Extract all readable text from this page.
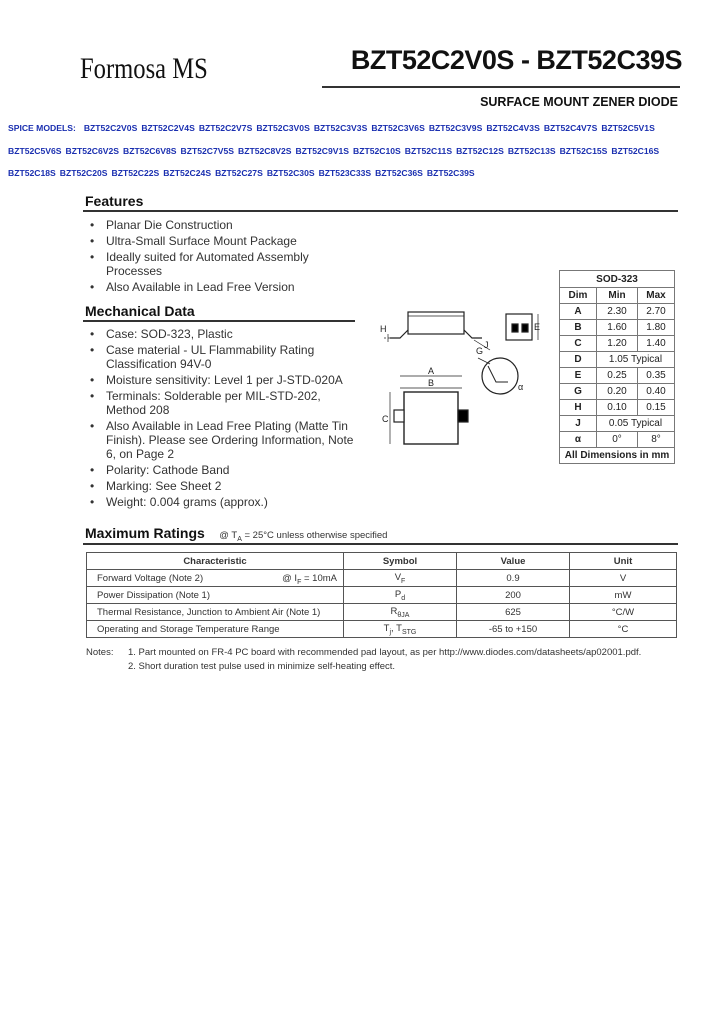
Formosa MS	BZT52C2V0S - BZT52C39S
SURFACE MOUNT ZENER DIODE
SPICE MODELS: BZT52C2V0S BZT52C2V4S BZT52C2V7S BZT52C3V0S BZT52C3V3S BZT52C3V6S BZT52C3V9S BZT52C4V3S BZT52C4V7S BZT52C5V1S
BZT52C5V6S BZT52C6V2S BZT52C6V8S BZT52C7V5S BZT52C8V2S BZT52C9V1S BZT52C10S BZT52C11S BZT52C12S BZT52C13S BZT52C15S BZT52C16S
BZT52C18S BZT52C20S BZT52C22S BZT52C24S BZT52C27S BZT52C30S BZT523C33S BZT52C36S BZT52C39S
Features
• Planar Die Construction
• Ultra-Small Surface Mount Package
• Ideally suited for Automated Assembly Processes
• Also Available in Lead Free Version
Mechanical Data
• Case: SOD-323, Plastic
• Case material - UL Flammability Rating Classification 94V-0
• Moisture sensitivity: Level 1 per J-STD-020A
• Terminals: Solderable per MIL-STD-202, Method 208
• Also Available in Lead Free Plating (Matte Tin Finish). Please see Ordering Information, Note 6, on Page 2
• Polarity: Cathode Band
• Marking: See Sheet 2
• Weight: 0.004 grams (approx.)
H
J
G
A
B
C
E
α
SOD-323		
Dim	Min	Max
A	2.30	2.70
B	1.60	1.80
C	1.20	1.40
D	1.05 Typical	
E	0.25	0.35
G	0.20	0.40
H	0.10	0.15
J	0.05 Typical	
α	0°	8°
All Dimensions in mm		
Maximum Ratings @ $T_A = 25^\circ C$ unless otherwise specified
Characteristic	Symbol	Value	Unit
Forward Voltage (Note 2) @ $I_F = 10mA$	$V_F$	0.9	V
Power Dissipation (Note 1)	$P_d$	200	mW
Thermal Resistance, Junction to Ambient Air (Note 1)	$R_{\theta JA}$	625	°C/W
Operating and Storage Temperature Range	$T_j$, $T_{STG}$	-65 to +150	°C
Notes: 1. Part mounted on FR-4 PC board with recommended pad layout, as per http://www.diodes.com/datasheets/ap02001.pdf.
2. Short duration test pulse used in minimize self-heating effect.
